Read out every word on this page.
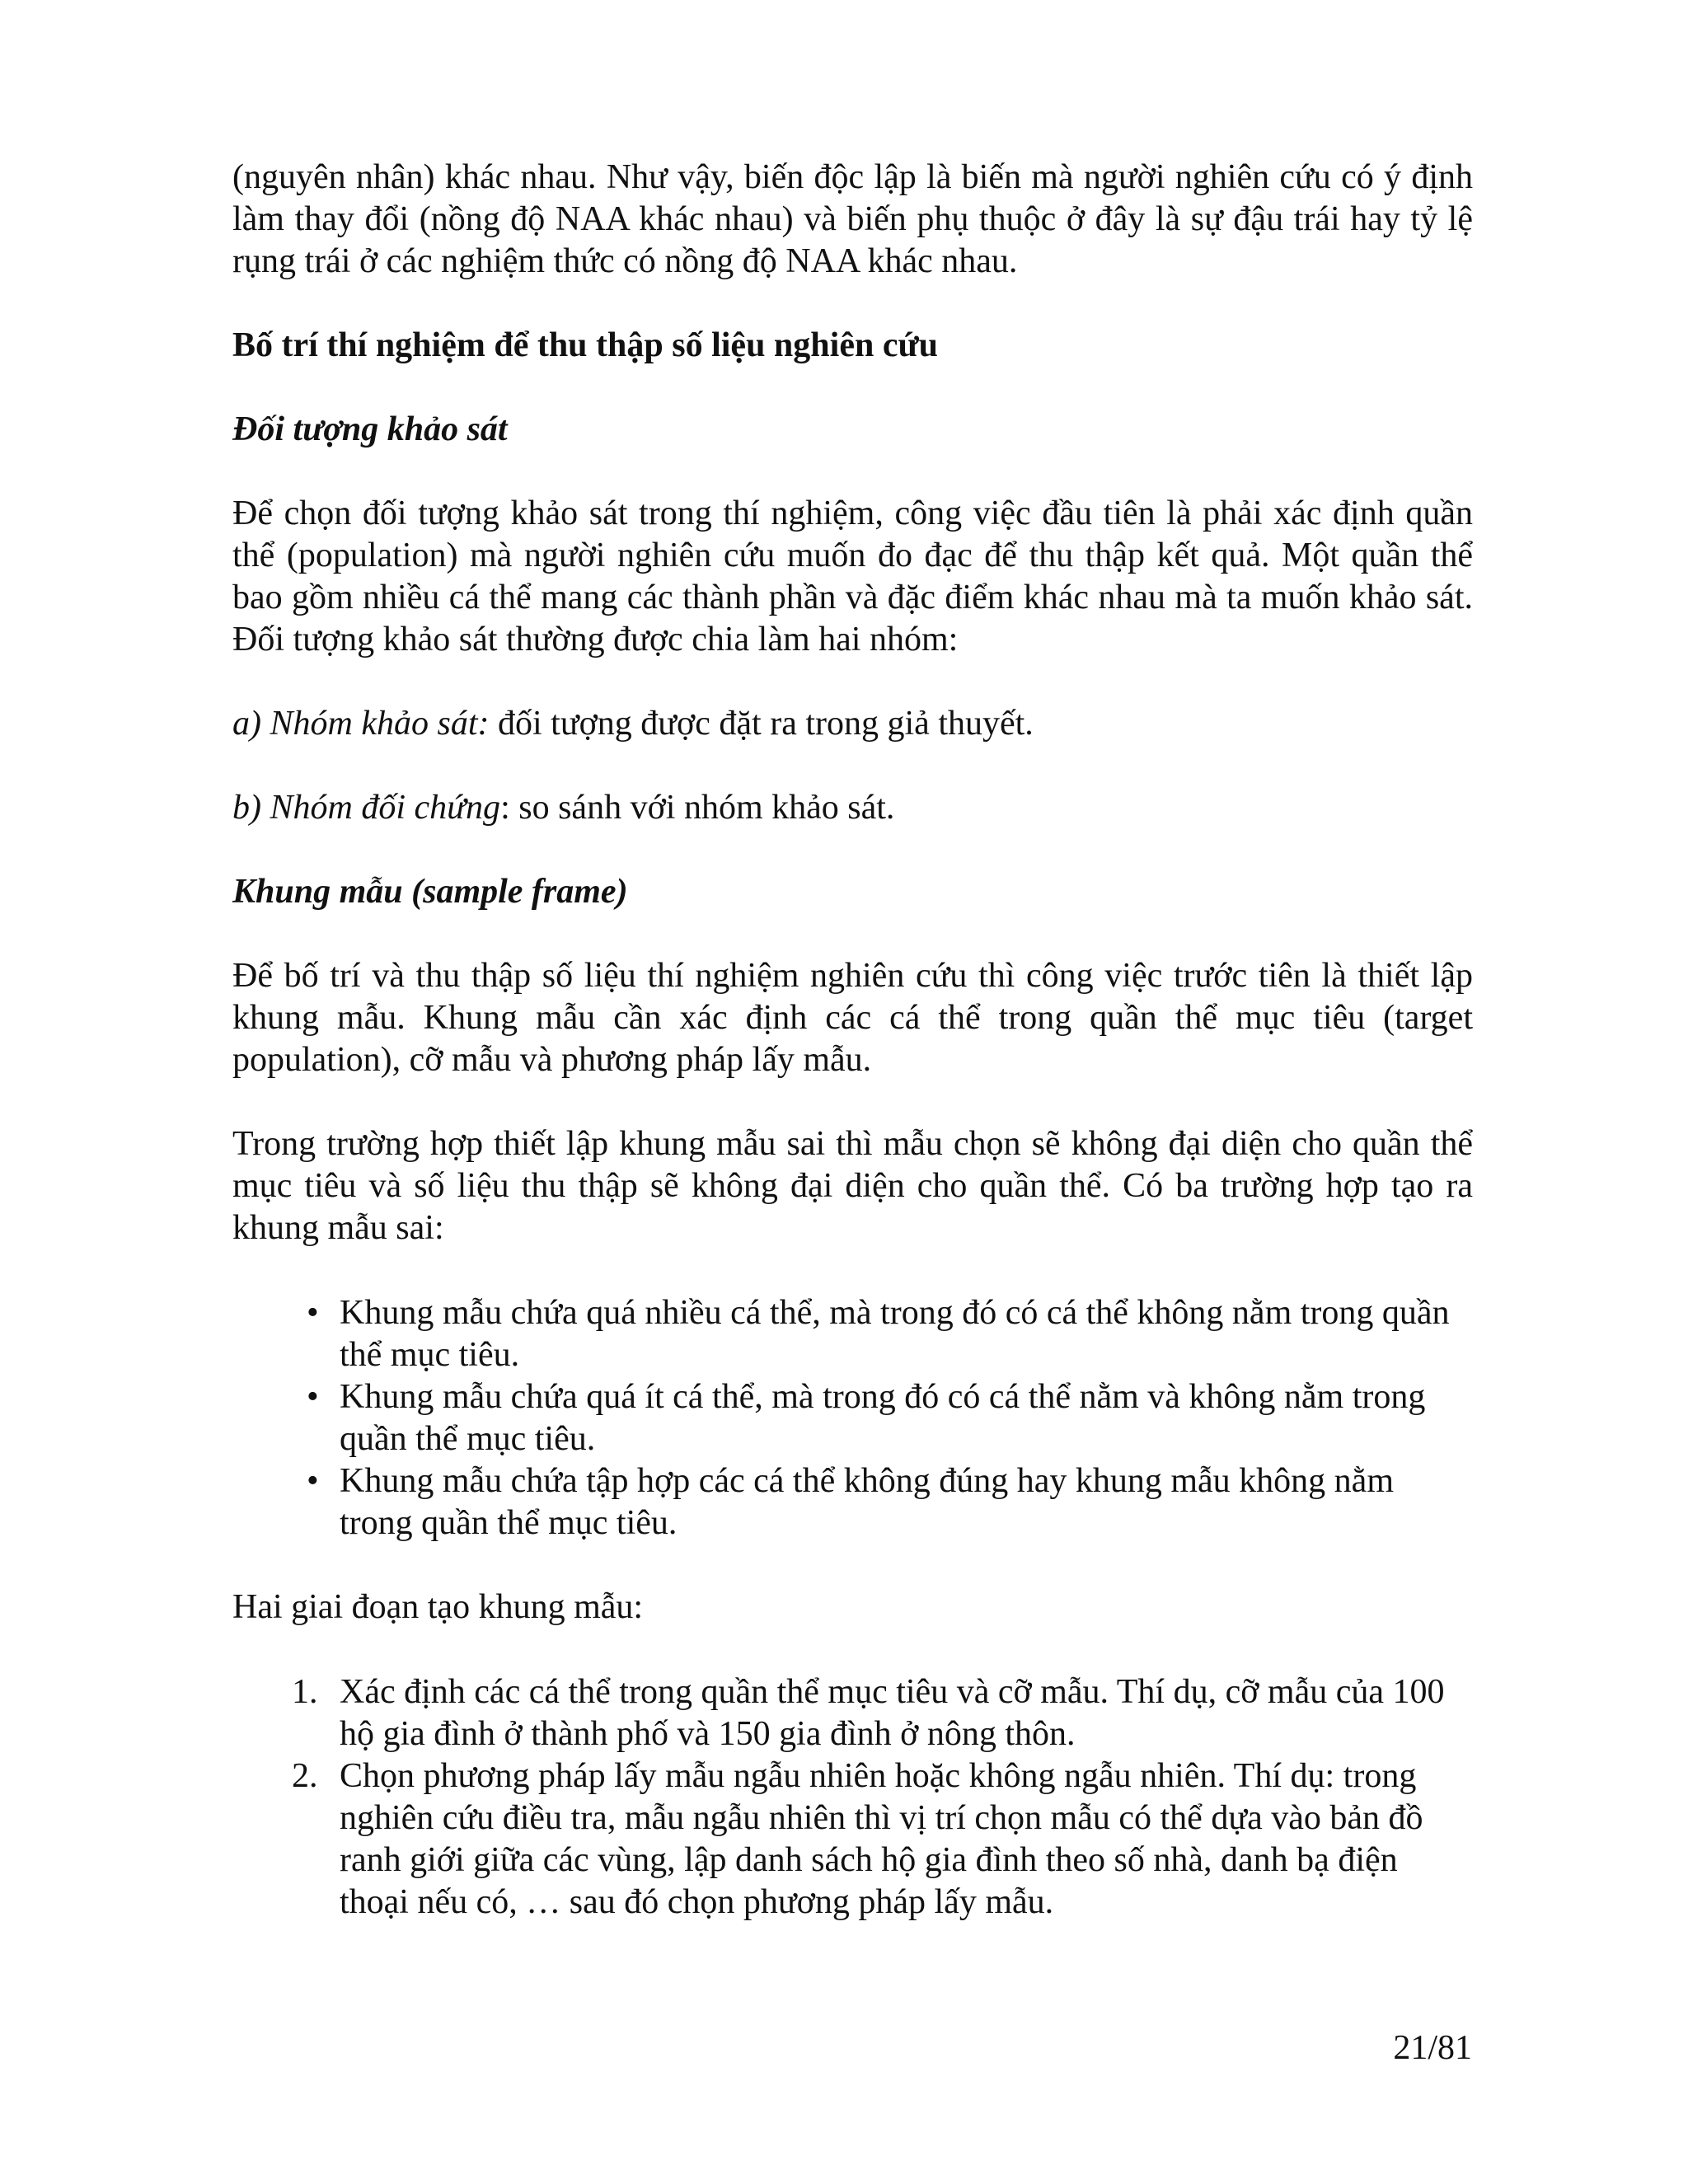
(nguyên nhân) khác nhau. Như vậy, biến độc lập là biến mà người nghiên cứu có ý định làm thay đổi (nồng độ NAA khác nhau) và biến phụ thuộc ở đây là sự đậu trái hay tỷ lệ rụng trái ở các nghiệm thức có nồng độ NAA khác nhau.

Bố trí thí nghiệm để thu thập số liệu nghiên cứu

Đối tượng khảo sát

Để chọn đối tượng khảo sát trong thí nghiệm, công việc đầu tiên là phải xác định quần thể (population) mà người nghiên cứu muốn đo đạc để thu thập kết quả. Một quần thể bao gồm nhiều cá thể mang các thành phần và đặc điểm khác nhau mà ta muốn khảo sát. Đối tượng khảo sát thường được chia làm hai nhóm:

a) Nhóm khảo sát: đối tượng được đặt ra trong giả thuyết.

b) Nhóm đối chứng: so sánh với nhóm khảo sát.

Khung mẫu (sample frame)

Để bố trí và thu thập số liệu thí nghiệm nghiên cứu thì công việc trước tiên là thiết lập khung mẫu. Khung mẫu cần xác định các cá thể trong quần thể mục tiêu (target population), cỡ mẫu và phương pháp lấy mẫu.

Trong trường hợp thiết lập khung mẫu sai thì mẫu chọn sẽ không đại diện cho quần thể mục tiêu và số liệu thu thập sẽ không đại diện cho quần thể. Có ba trường hợp tạo ra khung mẫu sai:

• Khung mẫu chứa quá nhiều cá thể, mà trong đó có cá thể không nằm trong quần thể mục tiêu.
• Khung mẫu chứa quá ít cá thể, mà trong đó có cá thể nằm và không nằm trong quần thể mục tiêu.
• Khung mẫu chứa tập hợp các cá thể không đúng hay khung mẫu không nằm trong quần thể mục tiêu.

Hai giai đoạn tạo khung mẫu:

1. Xác định các cá thể trong quần thể mục tiêu và cỡ mẫu. Thí dụ, cỡ mẫu của 100 hộ gia đình ở thành phố và 150 gia đình ở nông thôn.
2. Chọn phương pháp lấy mẫu ngẫu nhiên hoặc không ngẫu nhiên. Thí dụ: trong nghiên cứu điều tra, mẫu ngẫu nhiên thì vị trí chọn mẫu có thể dựa vào bản đồ ranh giới giữa các vùng, lập danh sách hộ gia đình theo số nhà, danh bạ điện thoại nếu có, … sau đó chọn phương pháp lấy mẫu.
21/81
